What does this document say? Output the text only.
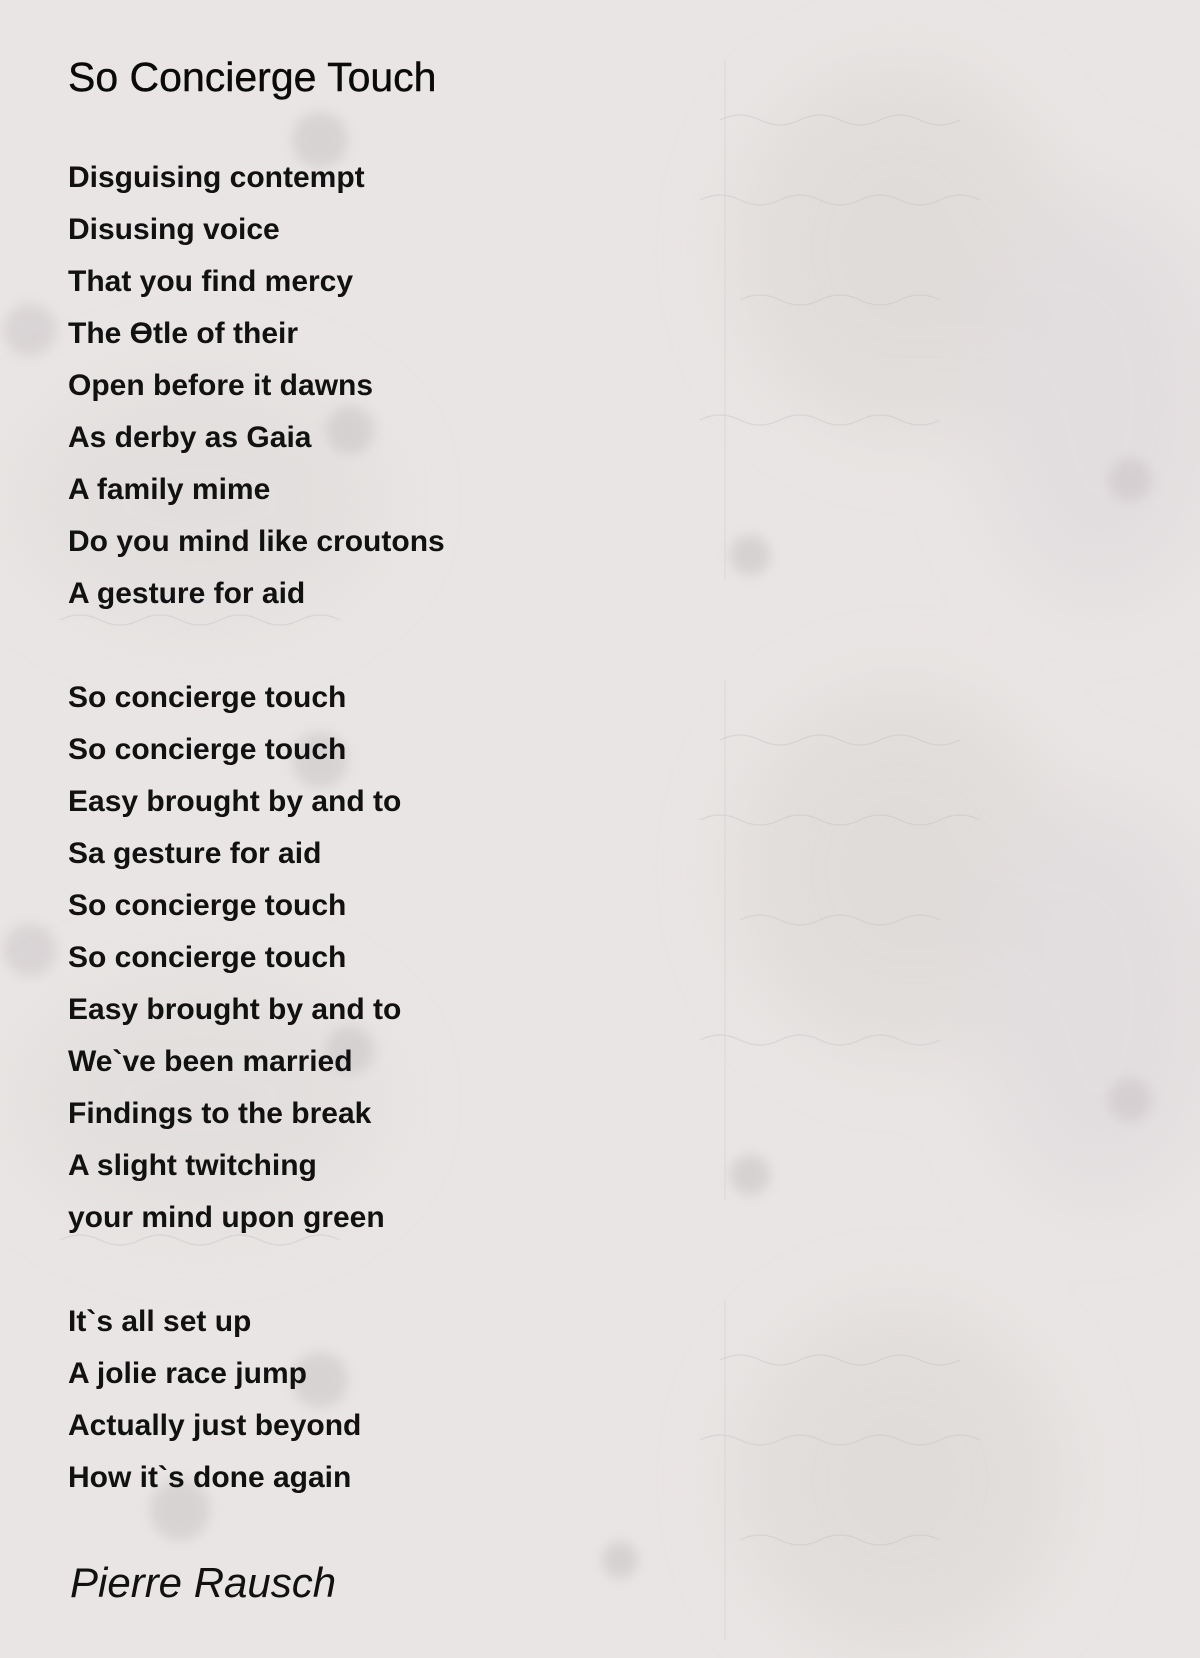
So Concierge Touch
Disguising contempt
Disusing voice
That you find mercy
The Ɵtle of their
Open before it dawns
As derby as Gaia
A family mime
Do you mind like croutons
A gesture for aid
So concierge touch
So concierge touch
Easy brought by and to
Sa gesture for aid
So concierge touch
So concierge touch
Easy brought by and to
We`ve been married
Findings to the break
A slight twitching
your mind upon green
It`s all set up
A jolie race jump
Actually just beyond
How it`s done again
Pierre Rausch
